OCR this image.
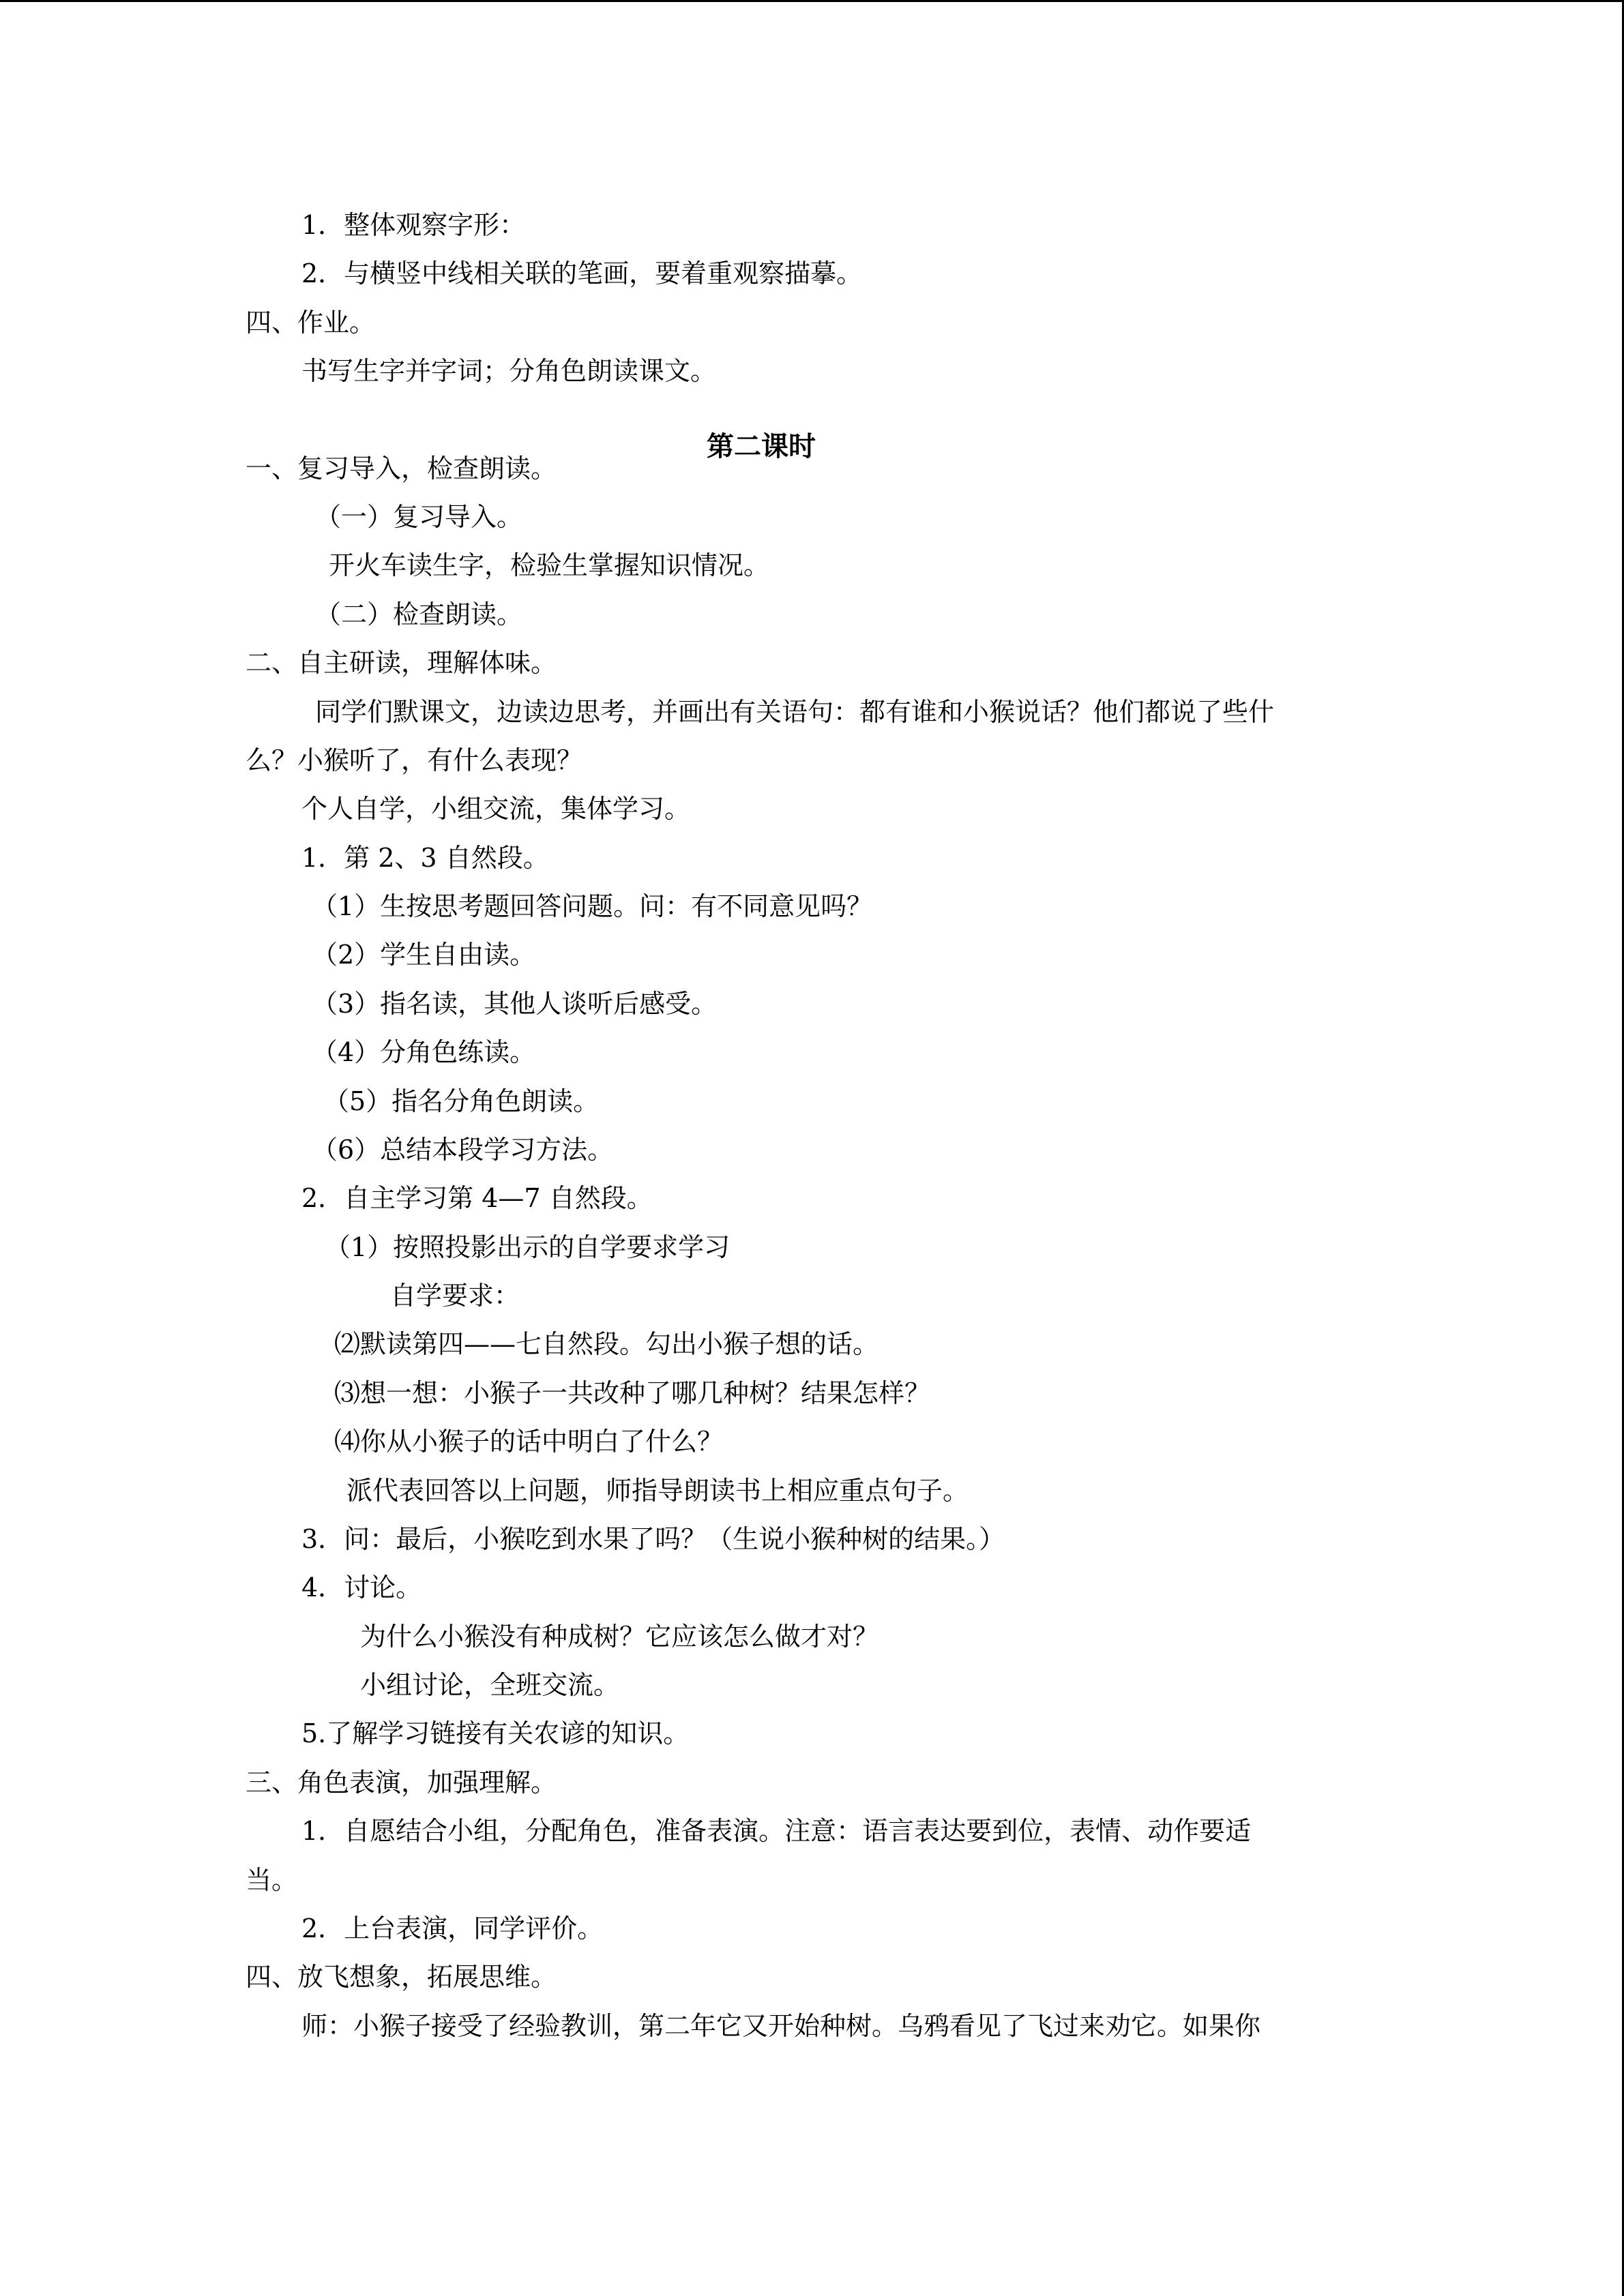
1．整体观察字形：

2．与横竖中线相关联的笔画，要着重观察描摹。

四、作业。

书写生字并字词；分角色朗读课文。

第二课时

一、复习导入，检查朗读。

（一）复习导入。

开火车读生字，检验生掌握知识情况。

（二）检查朗读。

二、自主研读，理解体味。

同学们默课文，边读边思考，并画出有关语句：都有谁和小猴说话？他们都说了些什

么？小猴听了，有什么表现？

个人自学，小组交流，集体学习。

1．第 2、3 自然段。

（1）生按思考题回答问题。问：有不同意见吗？

（2）学生自由读。

（3）指名读，其他人谈听后感受。

（4）分角色练读。

（5）指名分角色朗读。

（6）总结本段学习方法。

2．自主学习第 4—7 自然段。

（1）按照投影出示的自学要求学习

自学要求：

⑵默读第四——七自然段。勾出小猴子想的话。

⑶想一想：小猴子一共改种了哪几种树？结果怎样？

⑷你从小猴子的话中明白了什么？

派代表回答以上问题，师指导朗读书上相应重点句子。

3．问：最后，小猴吃到水果了吗？（生说小猴种树的结果。）

4．讨论。

为什么小猴没有种成树？它应该怎么做才对？

小组讨论，全班交流。

5.了解学习链接有关农谚的知识。

三、角色表演，加强理解。

1．自愿结合小组，分配角色，准备表演。注意：语言表达要到位，表情、动作要适

当。

2．上台表演，同学评价。

四、放飞想象，拓展思维。

师：小猴子接受了经验教训，第二年它又开始种树。乌鸦看见了飞过来劝它。如果你
